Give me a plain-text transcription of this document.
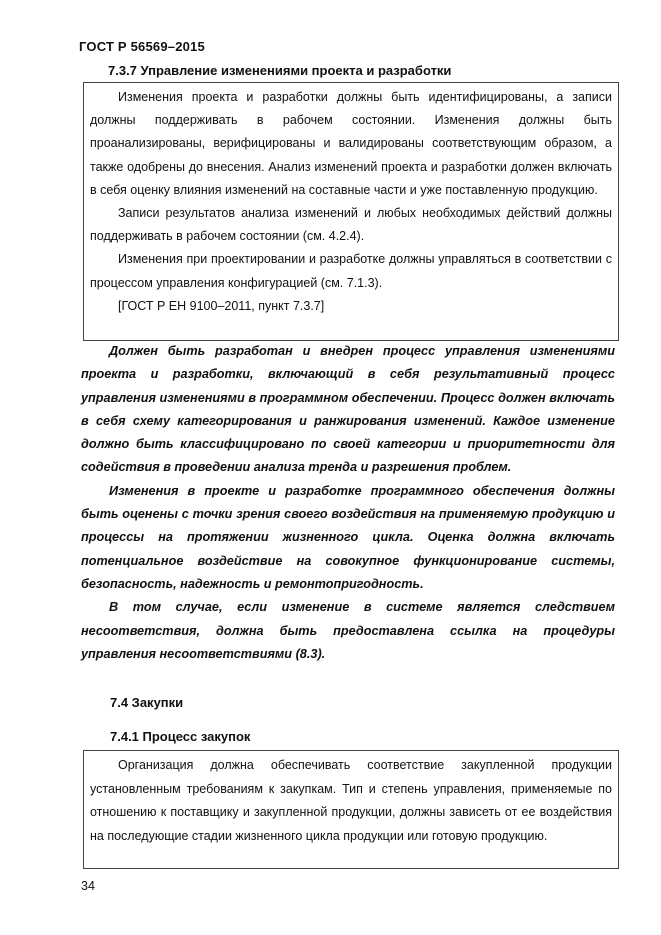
ГОСТ Р 56569–2015
7.3.7 Управление изменениями проекта и разработки

Изменения проекта и разработки должны быть идентифицированы, а записи должны поддерживать в рабочем состоянии. Изменения должны быть проанализированы, верифицированы и валидированы соответствующим образом, а также одобрены до внесения. Анализ изменений проекта и разработки должен включать в себя оценку влияния изменений на составные части и уже поставленную продукцию.

Записи результатов анализа изменений и любых необходимых действий должны поддерживать в рабочем состоянии (см. 4.2.4).

Изменения при проектировании и разработке должны управляться в соответствии с процессом управления конфигурацией (см. 7.1.3).

[ГОСТ Р ЕН 9100–2011, пункт 7.3.7]

Должен быть разработан и внедрен процесс управления изменениями проекта и разработки, включающий в себя результативный процесс управления изменениями в программном обеспечении. Процесс должен включать в себя схему категорирования и ранжирования изменений. Каждое изменение должно быть классифицировано по своей категории и приоритетности для содействия в проведении анализа тренда и разрешения проблем.

Изменения в проекте и разработке программного обеспечения должны быть оценены с точки зрения своего воздействия на применяемую продукцию и процессы на протяжении жизненного цикла. Оценка должна включать потенциальное воздействие на совокупное функционирование системы, безопасность, надежность и ремонтопригодность.

В том случае, если изменение в системе является следствием несоответствия, должна быть предоставлена ссылка на процедуры управления несоответствиями (8.3).

7.4 Закупки
7.4.1 Процесс закупок

Организация должна обеспечивать соответствие закупленной продукции установленным требованиям к закупкам. Тип и степень управления, применяемые по отношению к поставщику и закупленной продукции, должны зависеть от ее воздействия на последующие стадии жизненного цикла продукции или готовую продукцию.

34
